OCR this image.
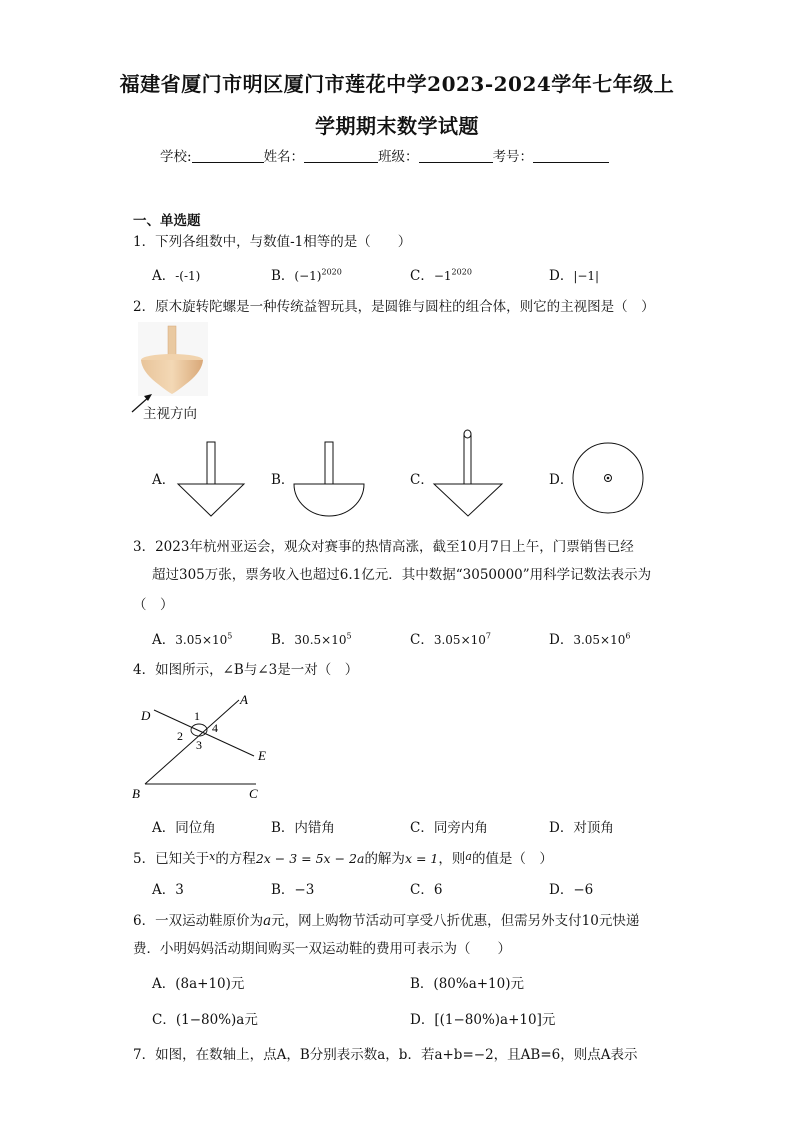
福建省厦门市明区厦门市莲花中学2023-2024学年七年级上
学期期末数学试题
学校:	姓名：	班级：	考号：
一、单选题
1．下列各组数中，与数值-1相等的是（　　）
A．-(-1)	B．$(-1)^{2020}$	C．$-1^{2020}$	D．|−1|
2．原木旋转陀螺是一种传统益智玩具，是圆锥与圆柱的组合体，则它的主视图是（　）
主视方向
A．	B．	C．	D．
3．2023年杭州亚运会，观众对赛事的热情高涨，截至10月7日上午，门票销售已经
超过305万张，票务收入也超过6.1亿元．其中数据“3050000”用科学记数法表示为
（　）
A．$3.05\times 10^5$	B．$30.5\times 10^5$	C．$3.05\times 10^7$	D．$3.05\times 10^6$
4．如图所示，∠B与∠3是一对（　）
A
D
E
B	C
1
2
3
4
A．同位角	B．内错角	C．同旁内角	D．对顶角
5．已知关于$^x$的方程2x − 3 = 5x − 2a的解为x = 1，则$^a$的值是（　）
A．3	B．−3	C．6	D．−6
6．一双运动鞋原价为a元，网上购物节活动可享受八折优惠，但需另外支付10元快递
费．小明妈妈活动期间购买一双运动鞋的费用可表示为（　　）
A．(8a+10)元	B．(80%a+10)元
C．(1−80%)a元	D．[(1−80%)a+10]元
7．如图，在数轴上，点A，B分别表示数a，b．若a+b=−2，且AB=6，则点A表示
